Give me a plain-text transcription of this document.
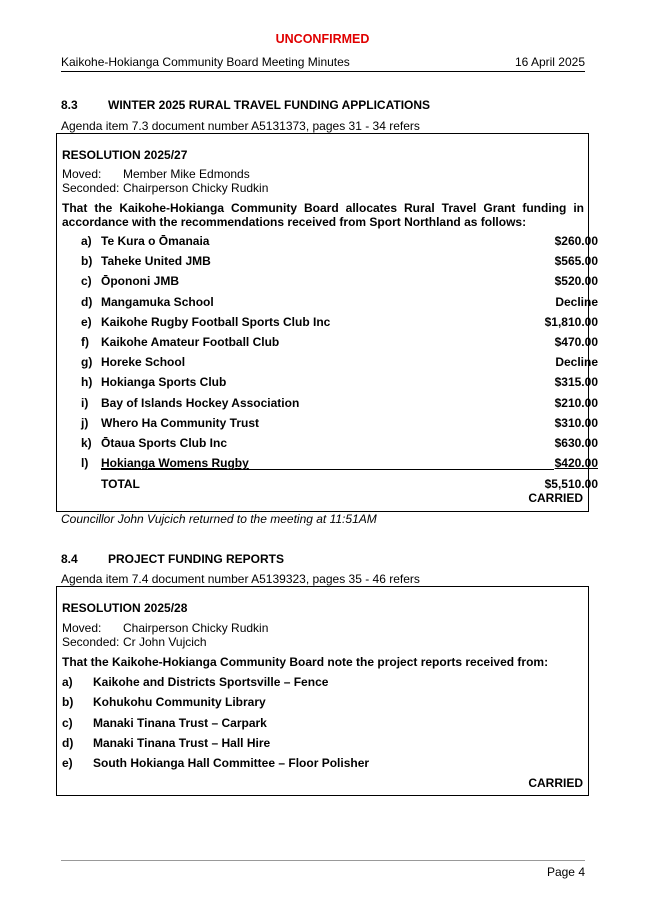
UNCONFIRMED
Kaikohe-Hokianga Community Board Meeting Minutes	16 April 2025
8.3	WINTER 2025 RURAL TRAVEL FUNDING APPLICATIONS
Agenda item 7.3 document number A5131373, pages 31 - 34 refers
RESOLUTION 2025/27
Moved: Member Mike Edmonds
Seconded: Chairperson Chicky Rudkin
That the Kaikohe-Hokianga Community Board allocates Rural Travel Grant funding in accordance with the recommendations received from Sport Northland as follows:
a) Te Kura o Ōmanaia	$260.00
b) Taheke United JMB	$565.00
c) Ōpononi JMB	$520.00
d) Mangamuka School	Decline
e) Kaikohe Rugby Football Sports Club Inc	$1,810.00
f) Kaikohe Amateur Football Club	$470.00
g) Horeke School	Decline
h) Hokianga Sports Club	$315.00
i) Bay of Islands Hockey Association	$210.00
j) Whero Ha Community Trust	$310.00
k) Ōtaua Sports Club Inc	$630.00
l) Hokianga Womens Rugby	$420.00
TOTAL	$5,510.00
CARRIED
Councillor John Vujcich returned to the meeting at 11:51AM
8.4	PROJECT FUNDING REPORTS
Agenda item 7.4 document number A5139323, pages 35 - 46 refers
RESOLUTION 2025/28
Moved: Chairperson Chicky Rudkin
Seconded: Cr John Vujcich
That the Kaikohe-Hokianga Community Board note the project reports received from:
a) Kaikohe and Districts Sportsville – Fence
b) Kohukohu Community Library
c) Manaki Tinana Trust – Carpark
d) Manaki Tinana Trust – Hall Hire
e) South Hokianga Hall Committee – Floor Polisher
CARRIED
Page 4
